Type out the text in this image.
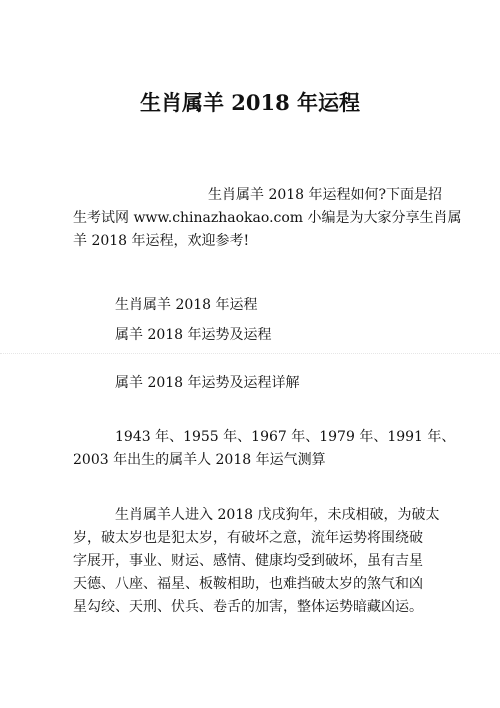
生肖属羊 2018 年运程
生肖属羊 2018 年运程如何?下面是招
生考试网 www.chinazhaokao.com 小编是为大家分享生肖属
羊 2018 年运程，欢迎参考!
生肖属羊 2018 年运程
属羊 2018 年运势及运程
属羊 2018 年运势及运程详解
1943 年、1955 年、1967 年、1979 年、1991 年、
2003 年出生的属羊人 2018 年运气测算
生肖属羊人进入 2018 戊戌狗年，未戌相破，为破太
岁，破太岁也是犯太岁，有破坏之意，流年运势将围绕破
字展开，事业、财运、感情、健康均受到破坏，虽有吉星
天德、八座、福星、板鞍相助，也难挡破太岁的煞气和凶
星勾绞、天刑、伏兵、卷舌的加害，整体运势暗藏凶运。
